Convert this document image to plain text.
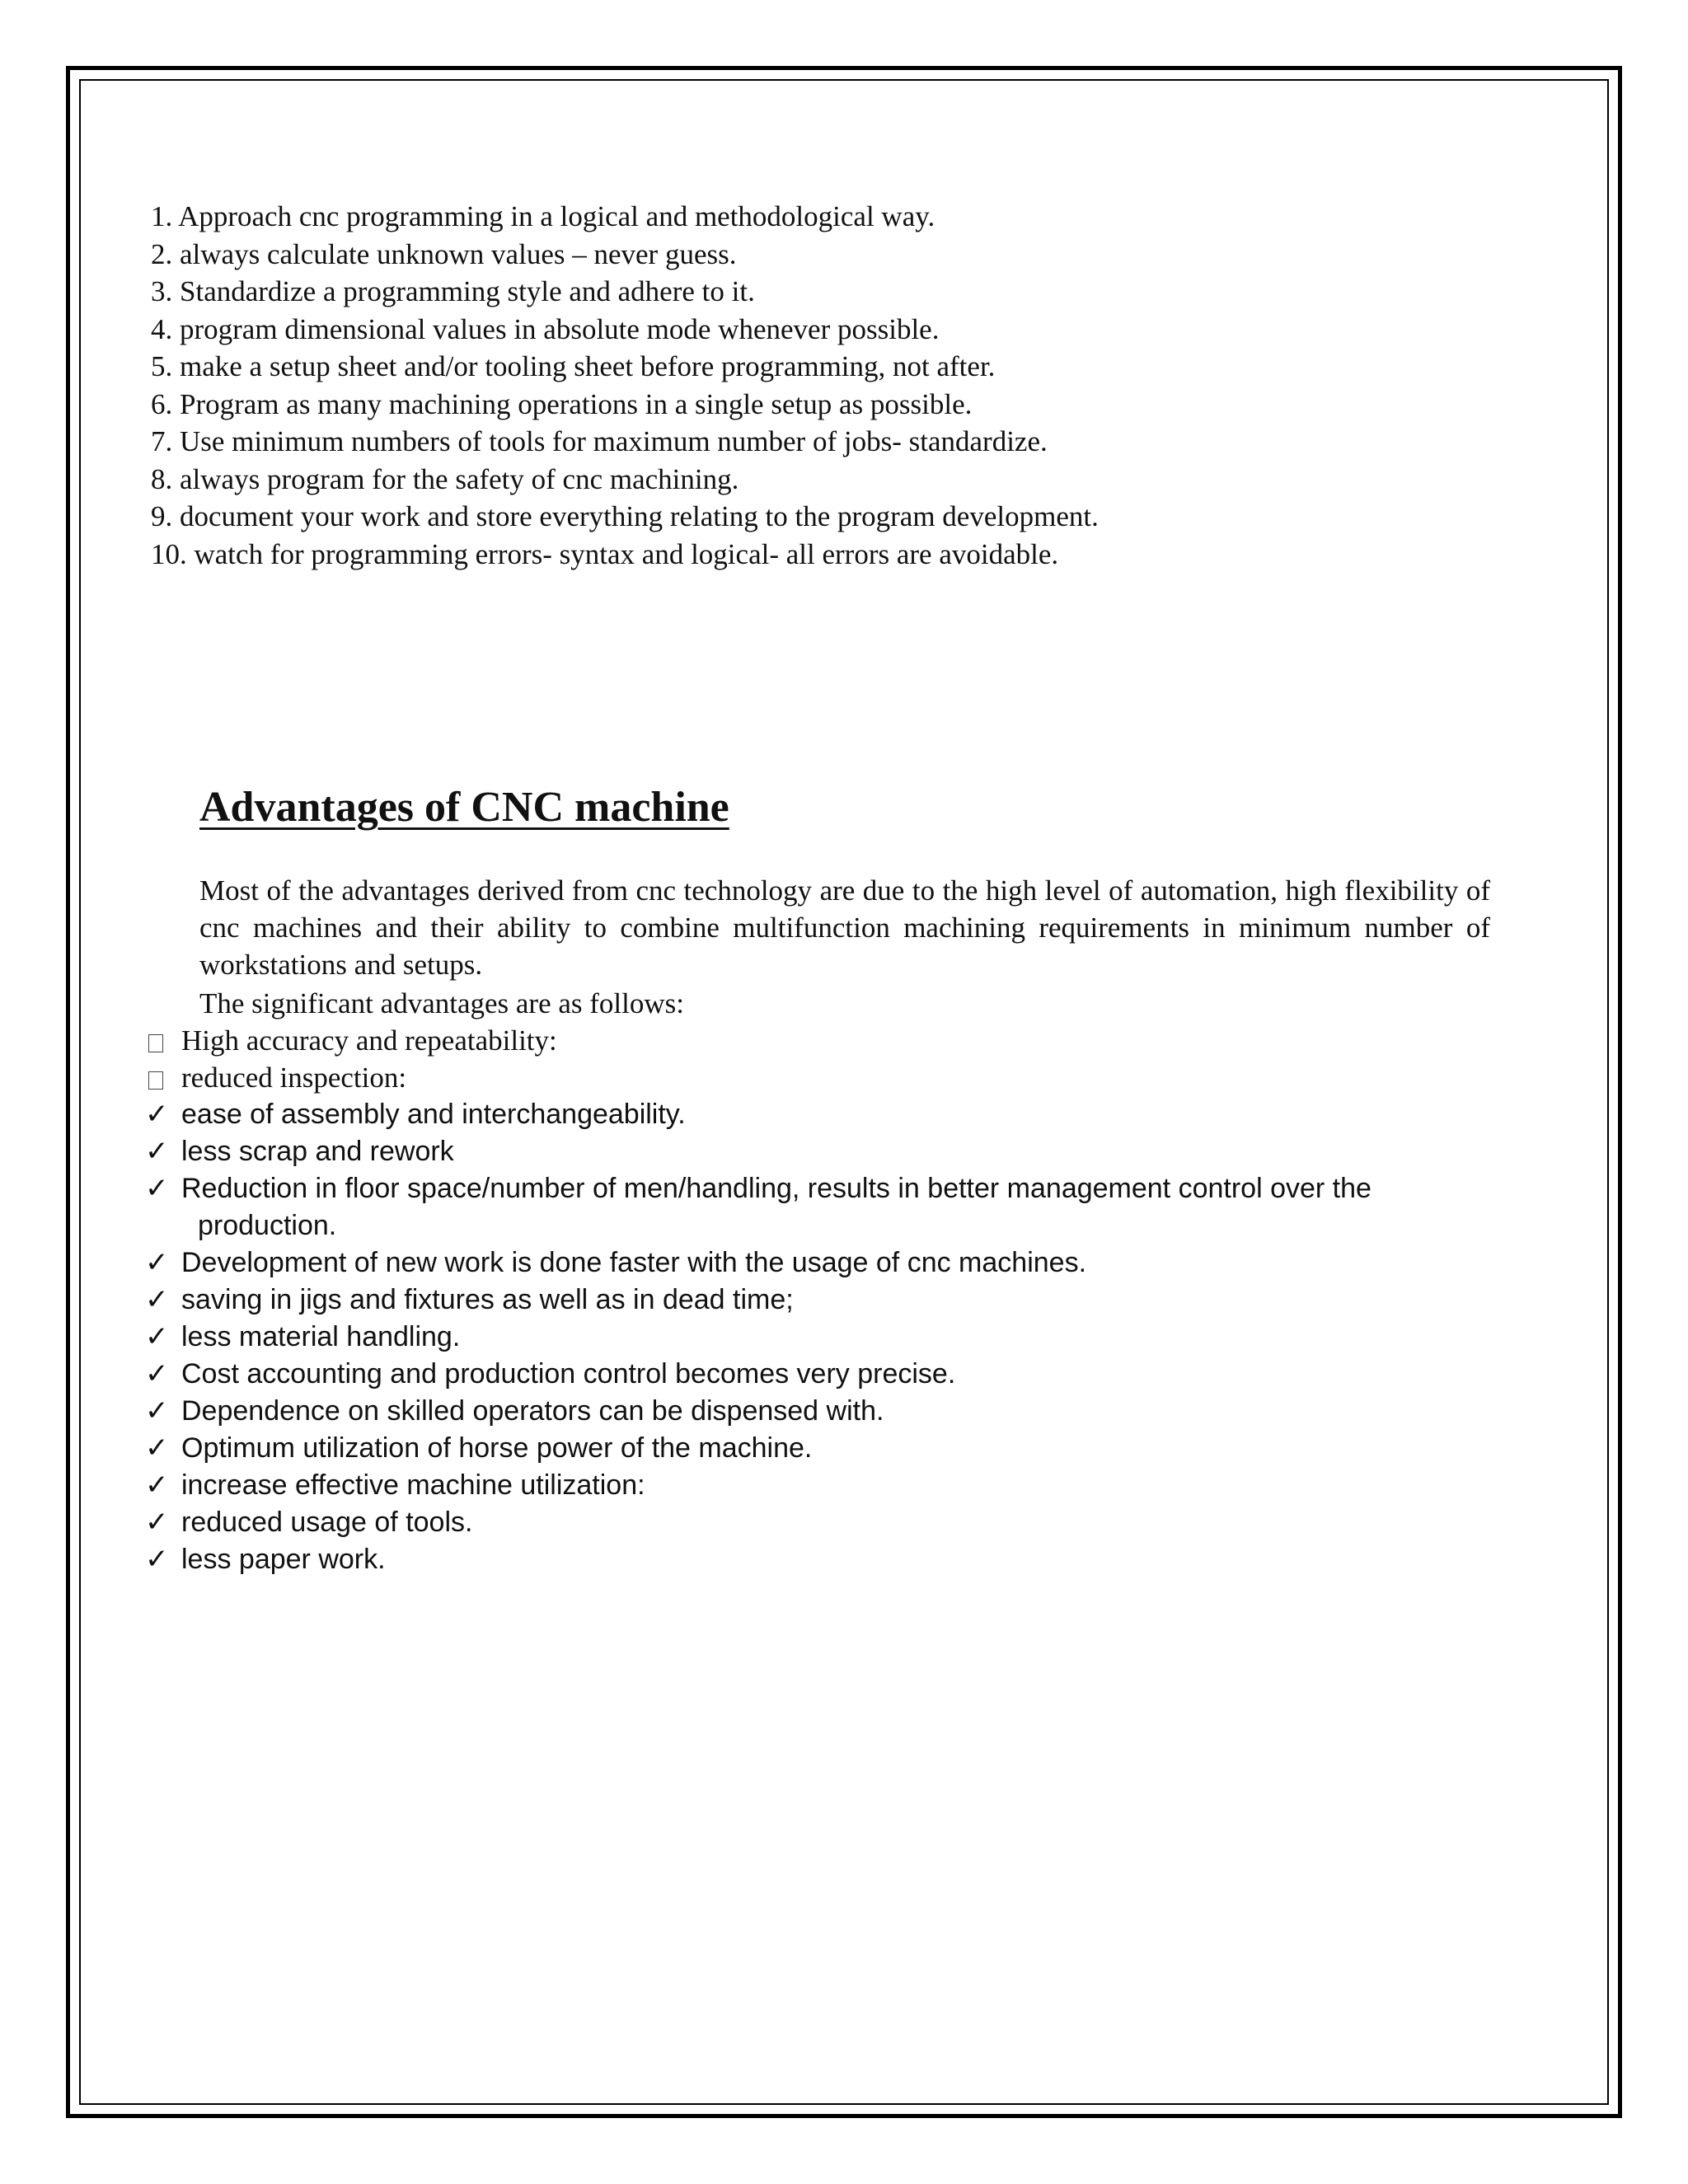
1. Approach cnc programming in a logical and methodological way.
2. always calculate unknown values – never guess.
3. Standardize a programming style and adhere to it.
4. program dimensional values in absolute mode whenever possible.
5. make a setup sheet and/or tooling sheet before programming, not after.
6. Program as many machining operations in a single setup as possible.
7. Use minimum numbers of tools for maximum number of jobs- standardize.
8. always program for the safety of cnc machining.
9. document your work and store everything relating to the program development.
10. watch for programming errors- syntax and logical- all errors are avoidable.
Advantages of CNC machine

Most of the advantages derived from cnc technology are due to the high level of automation, high flexibility of cnc machines and their ability to combine multifunction machining requirements in minimum number of workstations and setups.

The significant advantages are as follows:

High accuracy and repeatability:
reduced inspection:
✓ ease of assembly and interchangeability.
✓ less scrap and rework
✓ Reduction in floor space/number of men/handling, results in better management control over the
production.
✓ Development of new work is done faster with the usage of cnc machines.
✓ saving in jigs and fixtures as well as in dead time;
✓ less material handling.
✓ Cost accounting and production control becomes very precise.
✓ Dependence on skilled operators can be dispensed with.
✓ Optimum utilization of horse power of the machine.
✓ increase effective machine utilization:
✓ reduced usage of tools.
✓ less paper work.
